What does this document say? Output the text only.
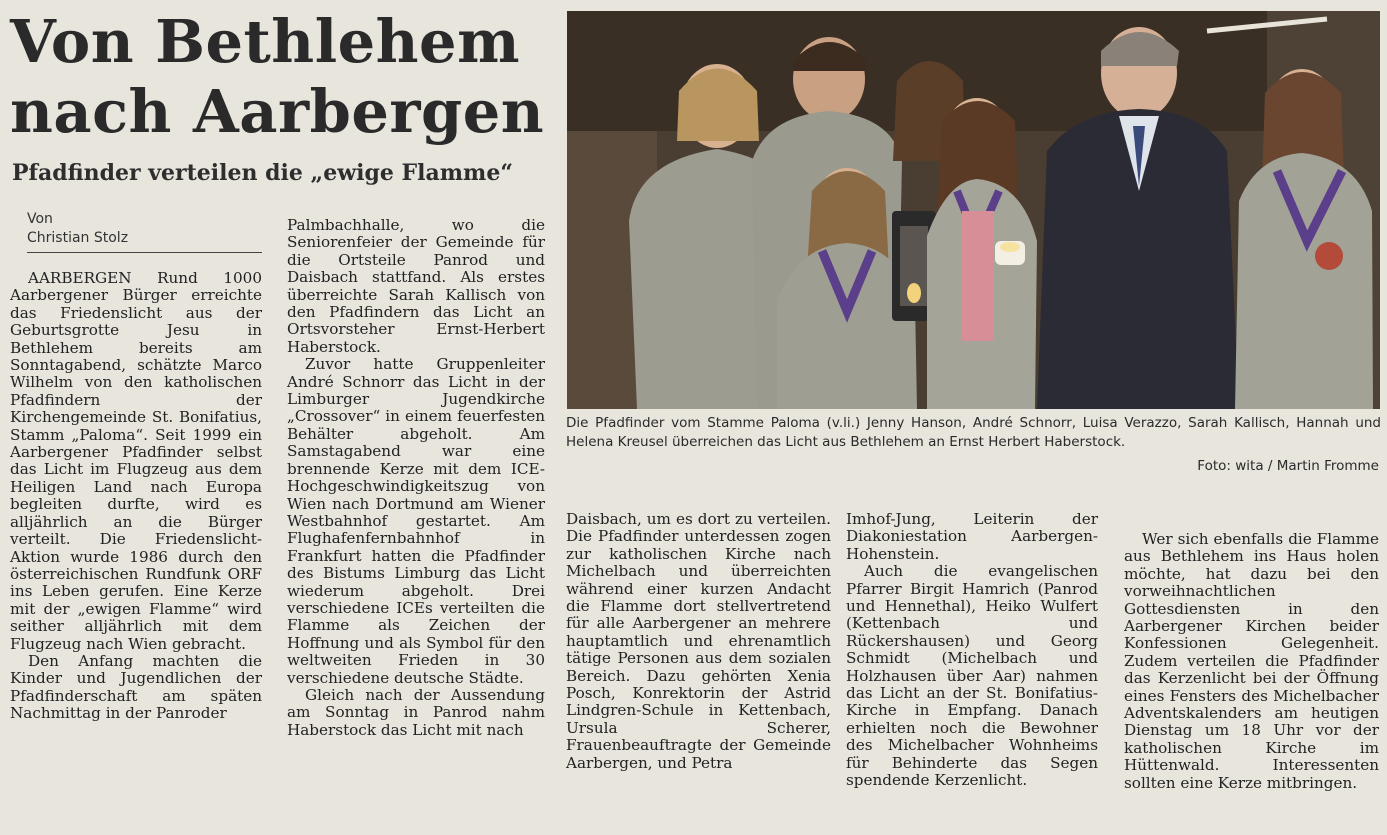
Von Bethlehem
nach Aarbergen
Pfadfinder verteilen die „ewige Flamme“
Von
Christian Stolz

AARBERGEN Rund 1000 Aarbergener Bürger erreichte das Friedenslicht aus der Geburtsgrotte Jesu in Bethlehem bereits am Sonntagabend, schätzte Marco Wilhelm von den katholischen Pfadfindern der Kirchengemeinde St. Bonifatius, Stamm „Paloma“. Seit 1999 ein Aarbergener Pfadfinder selbst das Licht im Flugzeug aus dem Heiligen Land nach Europa begleiten durfte, wird es alljährlich an die Bürger verteilt. Die Friedenslicht-Aktion wurde 1986 durch den österreichischen Rundfunk ORF ins Leben gerufen. Eine Kerze mit der „ewigen Flamme“ wird seither alljährlich mit dem Flugzeug nach Wien gebracht.

Den Anfang machten die Kinder und Jugendlichen der Pfadfinderschaft am späten Nachmittag in der Panroder

Palmbachhalle, wo die Seniorenfeier der Gemeinde für die Ortsteile Panrod und Daisbach stattfand. Als erstes überreichte Sarah Kallisch von den Pfadfindern das Licht an Ortsvorsteher Ernst-Herbert Haberstock.

Zuvor hatte Gruppenleiter André Schnorr das Licht in der Limburger Jugendkirche „Crossover“ in einem feuerfesten Behälter abgeholt. Am Samstagabend war eine brennende Kerze mit dem ICE-Hochgeschwindigkeitszug von Wien nach Dortmund am Wiener Westbahnhof gestartet. Am Flughafenfernbahnhof in Frankfurt hatten die Pfadfinder des Bistums Limburg das Licht wiederum abgeholt. Drei verschiedene ICEs verteilten die Flamme als Zeichen der Hoffnung und als Symbol für den weltweiten Frieden in 30 verschiedene deutsche Städte.

Gleich nach der Aussendung am Sonntag in Panrod nahm Haberstock das Licht mit nach

Daisbach, um es dort zu verteilen. Die Pfadfinder unterdessen zogen zur katholischen Kirche nach Michelbach und überreichten während einer kurzen Andacht die Flamme dort stellvertretend für alle Aarbergener an mehrere hauptamtlich und ehrenamtlich tätige Personen aus dem sozialen Bereich. Dazu gehörten Xenia Posch, Konrektorin der Astrid Lindgren-Schule in Kettenbach, Ursula Scherer, Frauenbeauftragte der Gemeinde Aarbergen, und Petra

Imhof-Jung, Leiterin der Diakoniestation Aarbergen-Hohenstein.

Auch die evangelischen Pfarrer Birgit Hamrich (Panrod und Hennethal), Heiko Wulfert (Kettenbach und Rückershausen) und Georg Schmidt (Michelbach und Holzhausen über Aar) nahmen das Licht an der St. Bonifatius-Kirche in Empfang. Danach erhielten noch die Bewohner des Michelbacher Wohnheims für Behinderte das Segen spendende Kerzenlicht.

Wer sich ebenfalls die Flamme aus Bethlehem ins Haus holen möchte, hat dazu bei den vorweihnachtlichen Gottesdiensten in den Aarbergener Kirchen beider Konfessionen Gelegenheit. Zudem verteilen die Pfadfinder das Kerzenlicht bei der Öffnung eines Fensters des Michelbacher Adventskalenders am heutigen Dienstag um 18 Uhr vor der katholischen Kirche im Hüttenwald. Interessenten sollten eine Kerze mitbringen.

Die Pfadfinder vom Stamme Paloma (v.li.) Jenny Hanson, André Schnorr, Luisa Verazzo, Sarah Kallisch, Hannah und Helena Kreusel überreichen das Licht aus Bethlehem an Ernst Herbert Haberstock.
Foto: wita / Martin Fromme
